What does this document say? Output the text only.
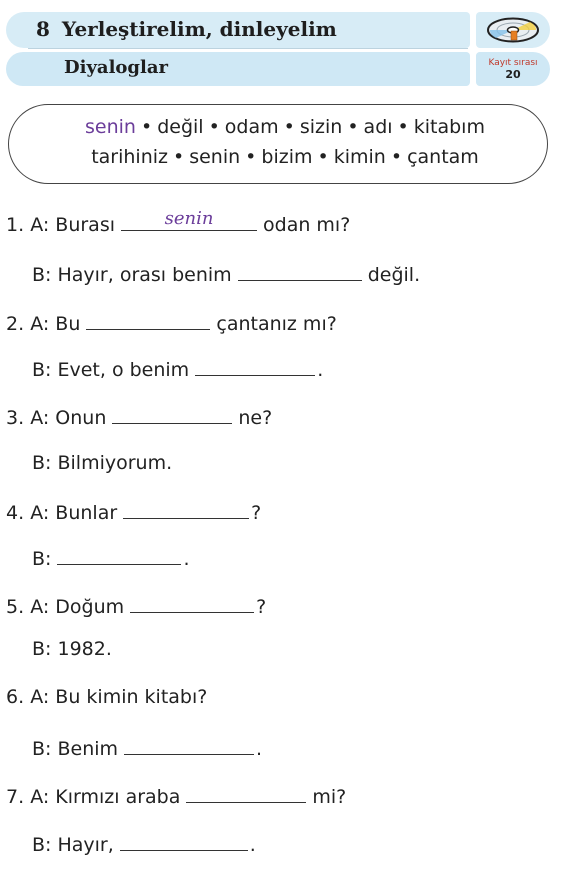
8 Yerleştirelim, dinleyelim
Diyaloglar	Kayıt sırası
20
senin • değil • odam • sizin • adı • kitabım
tarihiniz • senin • bizim • kimin • çantam
1.
A: Burası	senin	odan mı?
B: Hayır, orası benim	değil.
2.
A: Bu	çantanız mı?
B: Evet, o benim	.
3.
A: Onun	ne?
B: Bilmiyorum.
4.
A: Bunlar	?
B:	.
5.
A: Doğum	?
B: 1982.
6.
A: Bu kimin kitabı?
B: Benim	.
7.
A: Kırmızı araba	mi?
B: Hayır,	.
